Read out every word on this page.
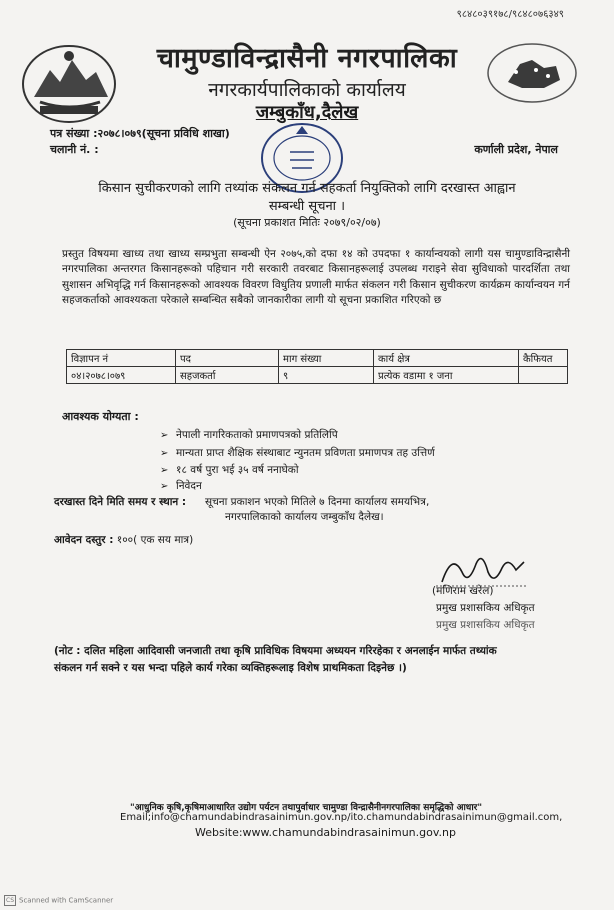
९८४८०३९१७८/९८४८०७६३४९
चामुण्डाविन्द्रासैनी नगरपालिका
नगरकार्यपालिकाको कार्यालय
जम्बुकाँध,दैलेख
पत्र संख्या :२०७८।०७९(सूचना प्रविधि शाखा)
चलानी नं. :	कर्णाली प्रदेश, नेपाल
किसान सुचीकरणको लागि तथ्यांक संकलन गर्न सहकर्ता नियुक्तिको लागि दरखास्त आह्वान
सम्बन्धी सूचना ।
(सूचना प्रकाशत मितिः २०७९/०२/०७)
प्रस्तुत विषयमा खाध्य तथा खाध्य सम्प्रभुता सम्बन्धी ऐन २०७५,को दफा १४ को उपदफा १ कार्यान्वयको लागी यस चामुण्डाविन्द्रासैनी नगरपालिका अन्तरगत किसानहरूको पहिचान गरी सरकारी तवरबाट किसानहरूलाई उपलब्ध गराइने सेवा सुविधाको पारदर्शिता तथा सुशासन अभिवृद्धि गर्न किसानहरूको आवश्यक विवरण विधुतिय प्रणाली मार्फत संकलन गरी किसान सुचीकरण कार्यक्रम कार्यान्वयन गर्न सहजकर्ताको आवश्यकता परेकाले सम्बन्धित सबैको जानकारीका लागी यो सूचना प्रकाशित गरिएको छ
विज्ञापन नं	पद	माग संख्या	कार्य क्षेत्र	कैफियत
०४।२०७८।०७९	सहजकर्ता	९	प्रत्येक वडामा १ जना	
आवश्यक योग्यता :
➢ नेपाली नागरिकताको प्रमाणपत्रको प्रतिलिपि
➢ मान्यता प्राप्त शैक्षिक संस्थाबाट न्युनतम प्रविणता प्रमाणपत्र तह उत्तिर्ण
➢ १८ वर्ष पुरा भई ३५ वर्ष ननाघेको
➢ निवेदन
दरखास्त दिने मिति समय र स्थान : सूचना प्रकाशन भएको मितिले ७ दिनमा कार्यालय समयभित्र,
नगरपालिकाको कार्यालय जम्बुकाँध दैलेख।
आवेदन दस्तुर : १००( एक सय मात्र)
(मणिराम खरेल)
प्रमुख प्रशासकिय अधिकृत
प्रमुख प्रशासकिय अधिकृत
(नोट : दलित महिला आदिवासी जनजाती तथा कृषि प्राविधिक विषयमा अध्ययन गरिरहेका र अनलाईन मार्फत तथ्यांक
संकलन गर्न सक्ने र यस भन्दा पहिले कार्य गरेका व्यक्तिहरूलाइ विशेष प्राथमिकता दिइनेछ ।)
"आधुनिक कृषि,कृषिमाआधारित उद्योग पर्यटन तथापुर्वाधार चामुण्डा विन्द्रासैनीनगरपालिका समृद्धिको आधार"
Email;info@chamundabindrasainimun.gov.np/ito.chamundabindrasainimun@gmail.com,
Website:www.chamundabindrasainimun.gov.np
CS Scanned with CamScanner
